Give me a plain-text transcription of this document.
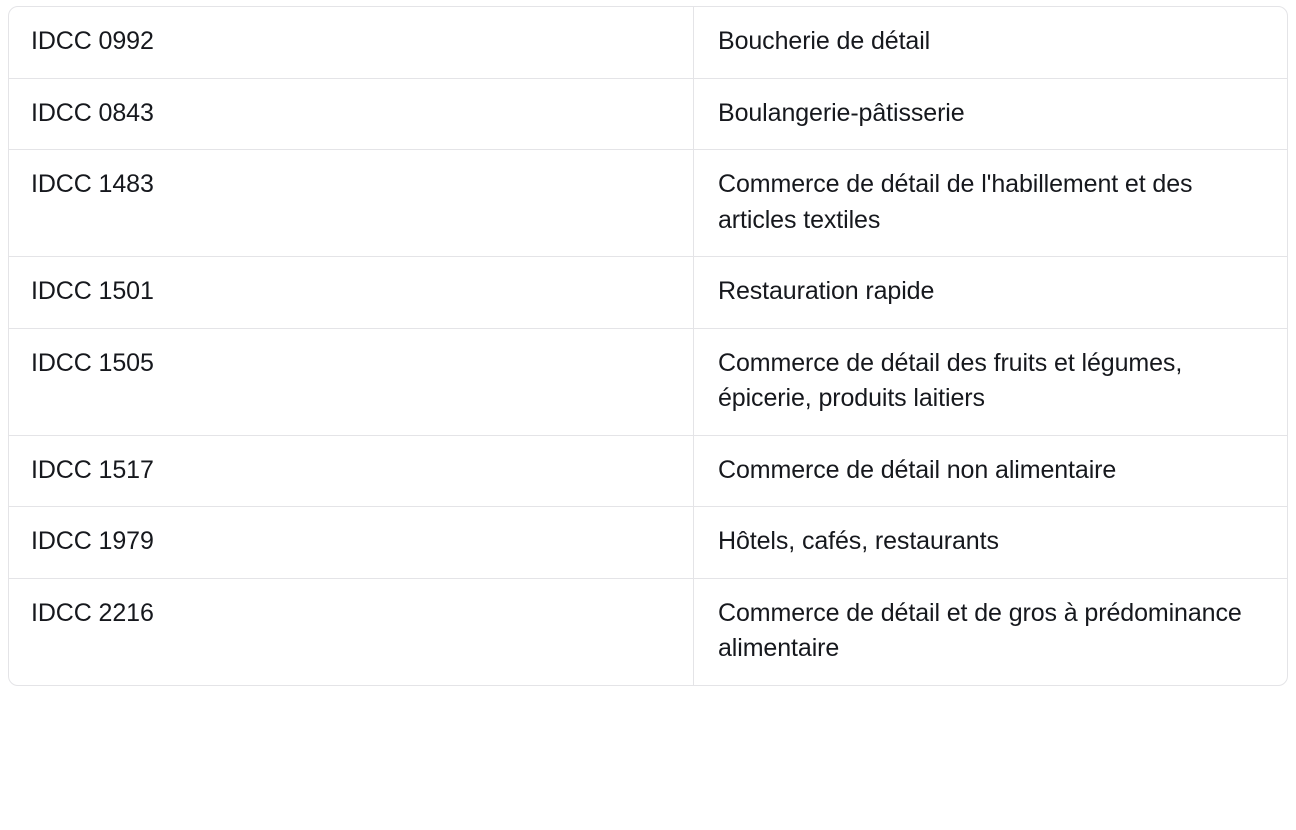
IDCC 0992	Boucherie de détail
IDCC 0843	Boulangerie-pâtisserie
IDCC 1483	Commerce de détail de l'habillement et des articles textiles
IDCC 1501	Restauration rapide
IDCC 1505	Commerce de détail des fruits et légumes, épicerie, produits laitiers
IDCC 1517	Commerce de détail non alimentaire
IDCC 1979	Hôtels, cafés, restaurants
IDCC 2216	Commerce de détail et de gros à prédominance alimentaire
